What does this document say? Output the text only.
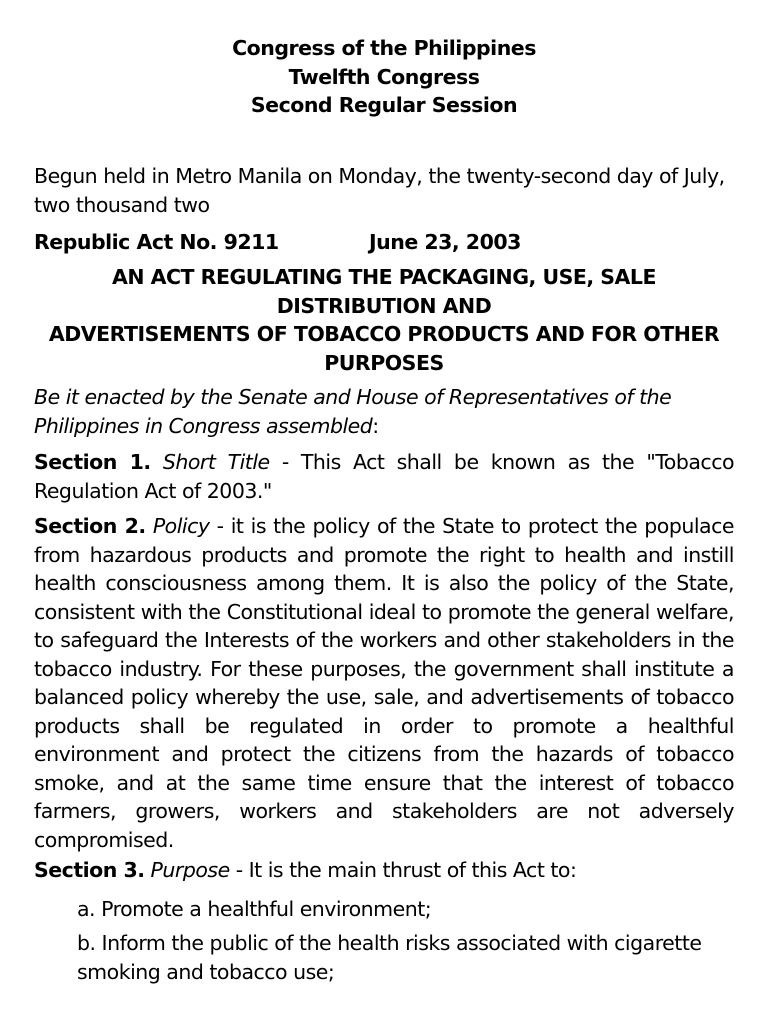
Congress of the Philippines
Twelfth Congress
Second Regular Session
Begun held in Metro Manila on Monday, the twenty-second day of July, two thousand two
Republic Act No. 9211	June 23, 2003
AN ACT REGULATING THE PACKAGING, USE, SALE
DISTRIBUTION AND
ADVERTISEMENTS OF TOBACCO PRODUCTS AND FOR OTHER
PURPOSES
Be it enacted by the Senate and House of Representatives of the Philippines in Congress assembled:
Section 1. Short Title - This Act shall be known as the "Tobacco Regulation Act of 2003."
Section 2. Policy - it is the policy of the State to protect the populace from hazardous products and promote the right to health and instill health consciousness among them. It is also the policy of the State, consistent with the Constitutional ideal to promote the general welfare, to safeguard the Interests of the workers and other stakeholders in the tobacco industry. For these purposes, the government shall institute a balanced policy whereby the use, sale, and advertisements of tobacco products shall be regulated in order to promote a healthful environment and protect the citizens from the hazards of tobacco smoke, and at the same time ensure that the interest of tobacco farmers, growers, workers and stakeholders are not adversely compromised.
Section 3. Purpose - It is the main thrust of this Act to:
a. Promote a healthful environment;
b. Inform the public of the health risks associated with cigarette smoking and tobacco use;
